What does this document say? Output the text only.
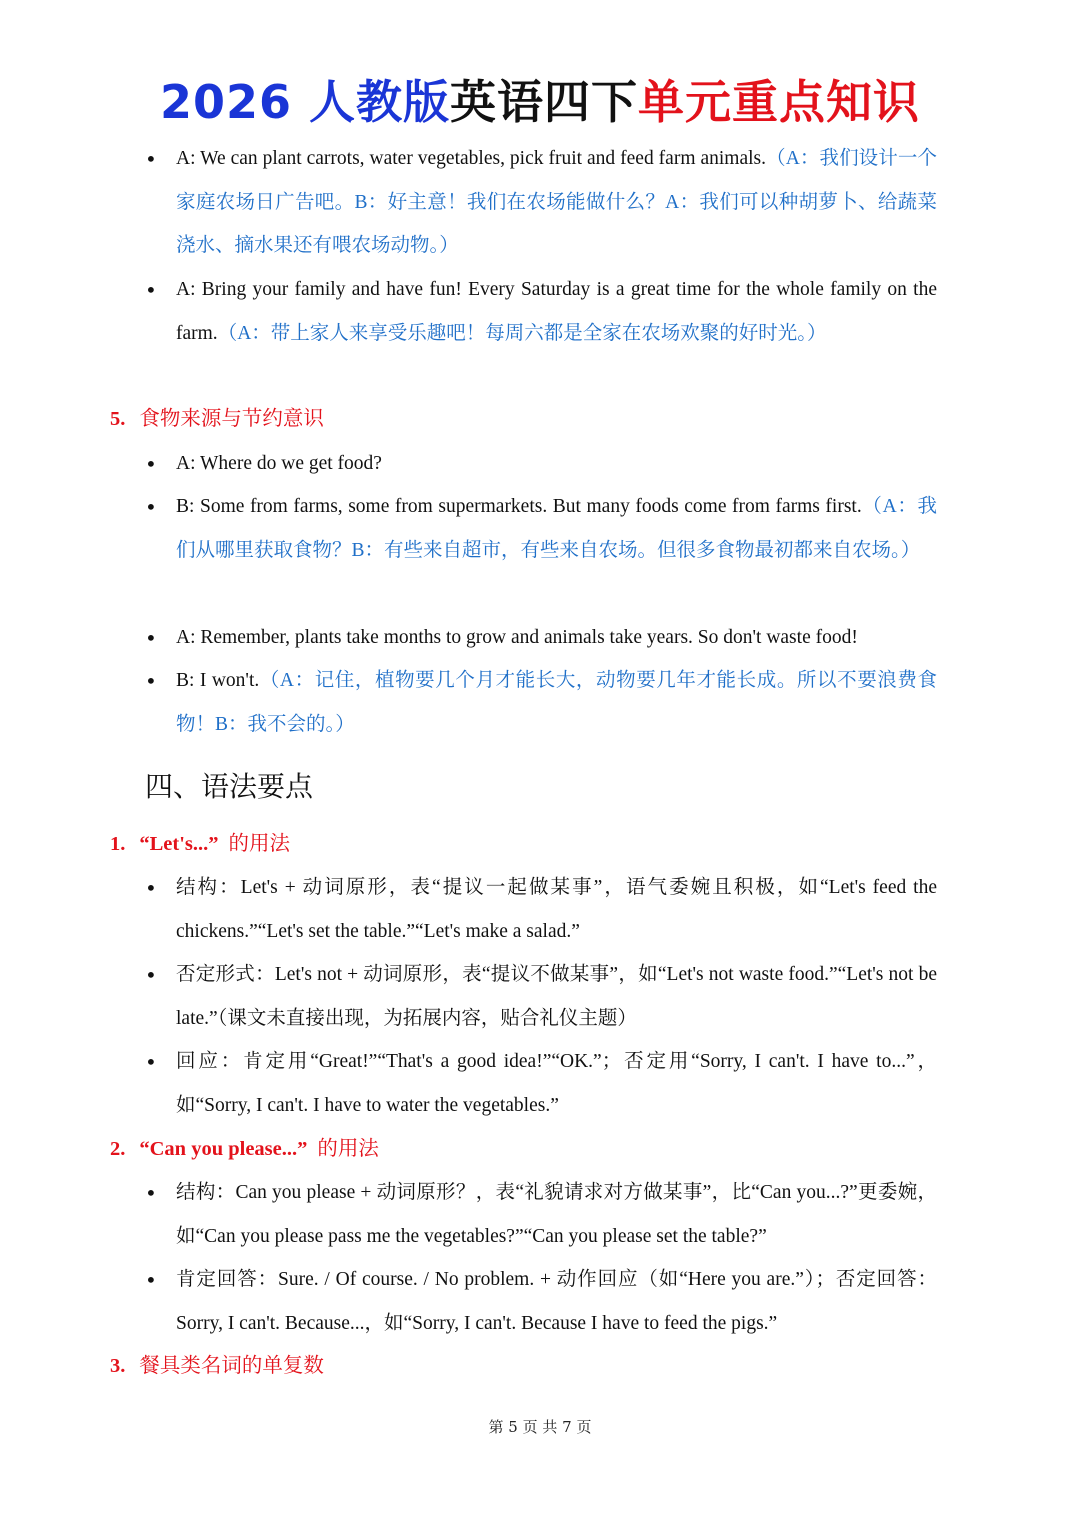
2026 人教版英语四下单元重点知识
• A: We can plant carrots, water vegetables, pick fruit and feed farm animals.（A：我们设计一个家庭农场日广告吧。B：好主意！我们在农场能做什么？A：我们可以种胡萝卜、给蔬菜浇水、摘水果还有喂农场动物。）
• A: Bring your family and have fun! Every Saturday is a great time for the whole family on the farm.（A：带上家人来享受乐趣吧！每周六都是全家在农场欢聚的好时光。）
5. 食物来源与节约意识
• A: Where do we get food?
• B: Some from farms, some from supermarkets. But many foods come from farms first.（A：我们从哪里获取食物？B：有些来自超市，有些来自农场。但很多食物最初都来自农场。）
• A: Remember, plants take months to grow and animals take years. So don't waste food!
• B: I won't.（A：记住，植物要几个月才能长大，动物要几年才能长成。所以不要浪费食物！B：我不会的。）
四、语法要点
1. “Let's...” 的用法
• 结构：Let's + 动词原形，表“提议一起做某事”，语气委婉且积极，如“Let's feed the chickens.”“Let's set the table.”“Let's make a salad.”
• 否定形式：Let's not + 动词原形，表“提议不做某事”，如“Let's not waste food.”“Let's not be late.”（课文未直接出现，为拓展内容，贴合礼仪主题）
• 回应：肯定用“Great!”“That's a good idea!”“OK.”；否定用“Sorry, I can't. I have to...”，如“Sorry, I can't. I have to water the vegetables.”
2. “Can you please...” 的用法
• 结构：Can you please + 动词原形？，表“礼貌请求对方做某事”，比“Can you...?”更委婉，如“Can you please pass me the vegetables?”“Can you please set the table?”
• 肯定回答：Sure. / Of course. / No problem. + 动作回应（如“Here you are.”）；否定回答：Sorry, I can't. Because...，如“Sorry, I can't. Because I have to feed the pigs.”
3. 餐具类名词的单复数
第 5 页 共 7 页
